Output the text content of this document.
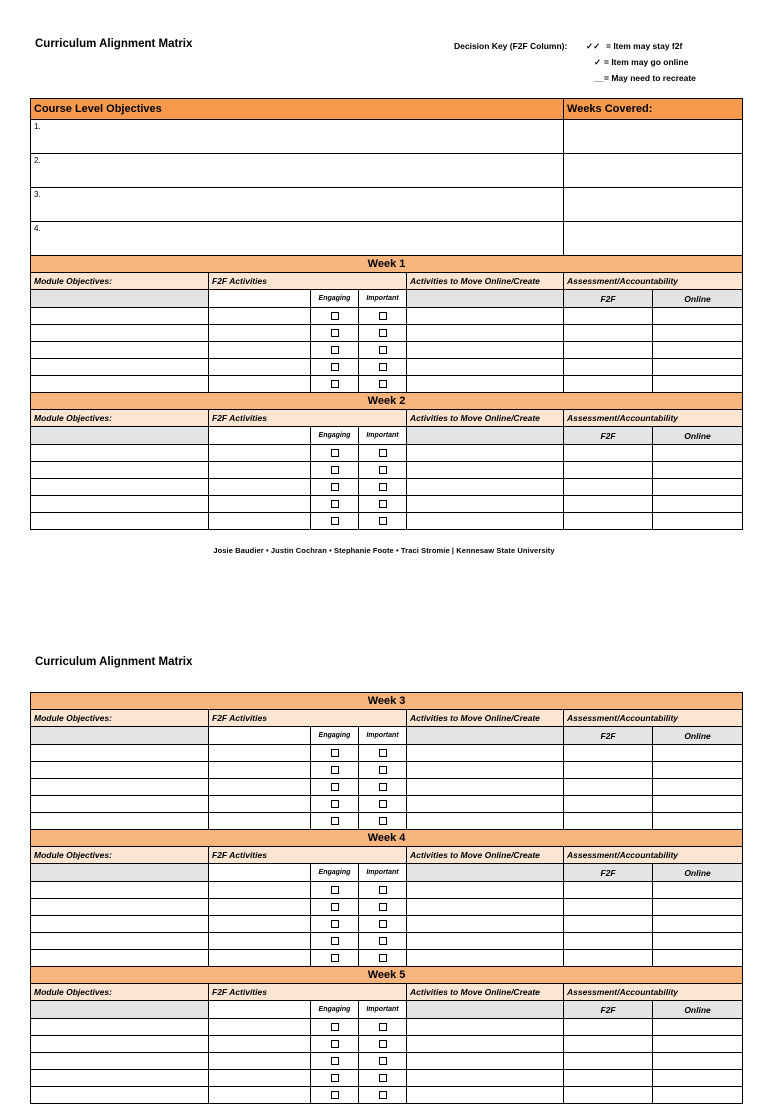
Curriculum Alignment Matrix	Decision Key (F2F Column): ✓✓ = Item may stay f2f
✓ = Item may go online
__ = May need to recreate
Course Level Objectives					Weeks Covered:	
1.						
2.						
3.						
4.						
Week 1						
Module Objectives:	F2F Activities			Activities to Move Online/Create	Assessment/Accountability	
		Engaging	Important		F2F	Online

Week 2						
Module Objectives:	F2F Activities			Activities to Move Online/Create	Assessment/Accountability	
		Engaging	Important		F2F	Online

Josie Baudier • Justin Cochran • Stephanie Foote • Traci Stromie | Kennesaw State University
Curriculum Alignment Matrix
Week 3						
Module Objectives:	F2F Activities			Activities to Move Online/Create	Assessment/Accountability	
		Engaging	Important		F2F	Online

Week 4						
Module Objectives:	F2F Activities			Activities to Move Online/Create	Assessment/Accountability	
		Engaging	Important		F2F	Online

Week 5						
Module Objectives:	F2F Activities			Activities to Move Online/Create	Assessment/Accountability	
		Engaging	Important		F2F	Online
